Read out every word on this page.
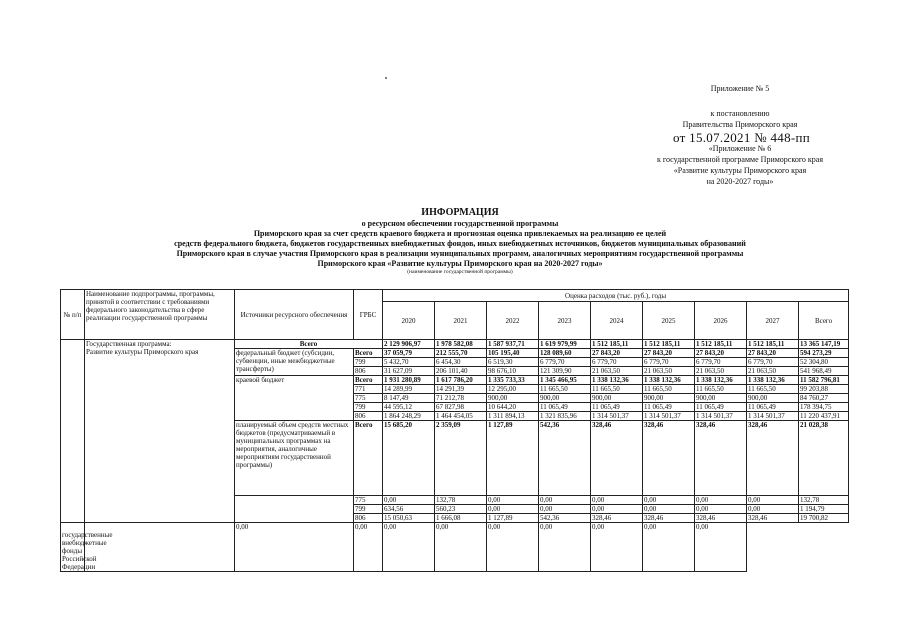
Приложение № 5
к постановлению
Правительства Приморского края
от 15.07.2021 № 448-пп
«Приложение № 6
к государственной программе Приморского края
«Развитие культуры Приморского края
на 2020-2027 годы»
ИНФОРМАЦИЯ
о ресурсном обеспечении государственной программы
Приморского края за счет средств краевого бюджета и прогнозная оценка привлекаемых на реализацию ее целей
средств федерального бюджета, бюджетов государственных внебюджетных фондов, иных внебюджетных источников, бюджетов муниципальных образований
Приморского края в случае участия Приморского края в реализации муниципальных программ, аналогичных мероприятиям государственной программы
Приморского края «Развитие культуры Приморского края на 2020-2027 годы»
(наименование государственной программы)
№ п/п	Наименование подпрограммы, программы, принятой в соответствии с требованиями федерального законодательства в сфере реализации государственной программы	Источники ресурсного обеспечения	ГРБС	Оценка расходов (тыс. руб.), годы								
				2020	2021	2022	2023	2024	2025	2026	2027	Всего

	Государственная программа:
Развитие культуры Приморского края	Всего		2 129 906,97	1 978 582,08	1 587 937,71	1 619 979,99	1 512 185,11	1 512 185,11	1 512 185,11	1 512 185,11	13 365 147,19
		федеральный бюджет (субсидии, субвенции, иные межбюджетные трансферты)	Всего	37 059,79	212 555,70	105 195,40	128 089,60	27 843,20	27 843,20	27 843,20	27 843,20	594 273,29
			799	5 432,70	6 454,30	6 519,30	6 779,70	6 779,70	6 779,70	6 779,70	6 779,70	52 304,80
			806	31 627,09	206 101,40	98 676,10	121 309,90	21 063,50	21 063,50	21 063,50	21 063,50	541 968,49
		краевой бюджет	Всего	1 931 280,89	1 617 786,20	1 335 733,33	1 345 466,95	1 338 132,36	1 338 132,36	1 338 132,36	1 338 132,36	11 582 796,81
			771	14 289,99	14 291,39	12 295,00	11 665,50	11 665,50	11 665,50	11 665,50	11 665,50	99 203,88
			775	8 147,49	71 212,78	900,00	900,00	900,00	900,00	900,00	900,00	84 760,27
			799	44 595,12	67 827,98	10 644,20	11 065,49	11 065,49	11 065,49	11 065,49	11 065,49	178 394,75
			806	1 864 248,29	1 464 454,05	1 311 894,13	1 321 835,96	1 314 501,37	1 314 501,37	1 314 501,37	1 314 501,37	11 220 437,91
		планируемый объем средств местных бюджетов (предусматриваемый в муниципальных программах на мероприятия, аналогичные мероприятиям государственной программы)	Всего	15 685,20	2 359,09	1 127,89	542,36	328,46	328,46	328,46	328,46	21 028,38
			775	0,00	132,78	0,00	0,00	0,00	0,00	0,00	0,00	132,78
			799	634,56	560,23	0,00	0,00	0,00	0,00	0,00	0,00	1 194,79
			806	15 050,63	1 666,08	1 127,89	542,36	328,46	328,46	328,46	328,46	19 700,82

государственные внебюджетные фонды Российской Федерации		0,00	0,00	0,00	0,00	0,00	0,00	0,00	0,00	0,00		
